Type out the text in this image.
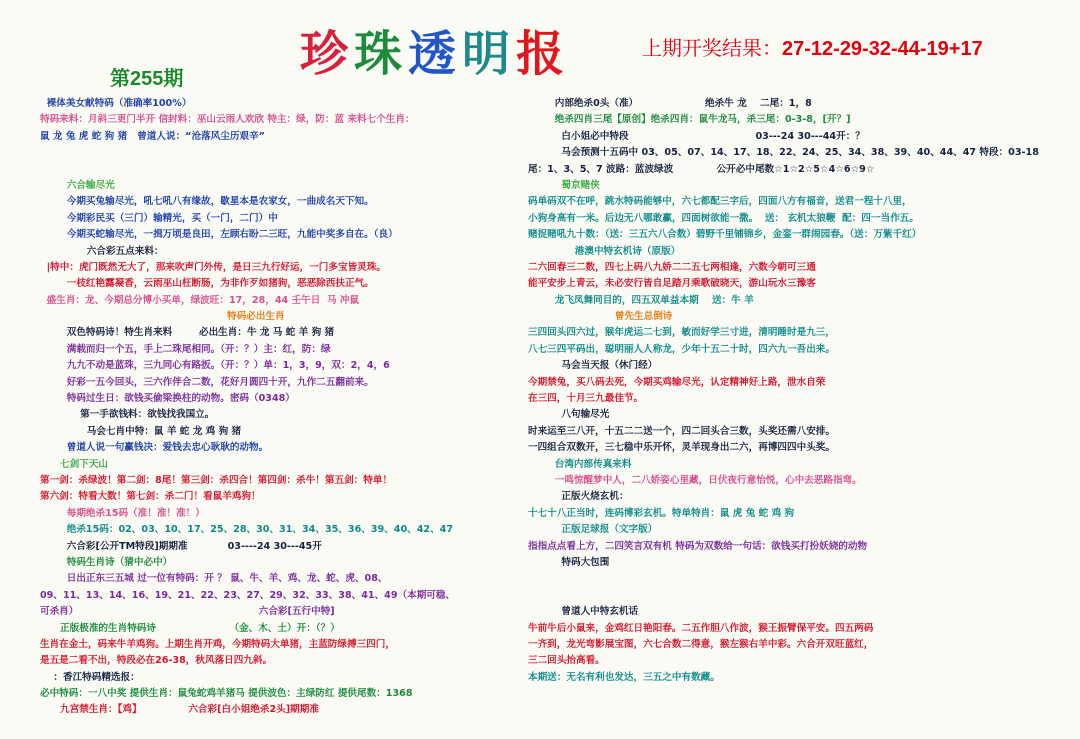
珍 珠 透 明 报	上期开奖结果：27-12-29-32-44-19+17
第255期
裸体美女献特码（准确率100%）
特码来料：月斜三更门半开 信封料：巫山云雨人欢欣 特主：绿，防：蓝 来料七个生肖：
鼠 龙 兔 虎 蛇 狗 猪   曾道人说：“沧落风尘历艰辛”
六合输尽光
今期买兔输尽光，吼七吼八有缘故，歇星本是农家女，一曲成名天下知。
今期彩民买（三门）输精光，买（一门，二门）中
今期买蛇输尽光，一揖万顷是良田，左顾右盼二三旺，九能中奖多自在。（良）
六合彩五点来料：
|特中：虎门既然无大了，那来吹声门外传，是日三九行好运，一门多宝皆灵珠。
一枝红艳露凝香，云雨巫山枉断肠，为非作歹如猪狗，恶恶除西扶正气。
盛生肖：龙、今期总分博小买单，绿波旺：17，28，44 壬午日  马 冲鼠
特码必出生肖
双色特码诗！特生肖来料        必出生肖：牛 龙 马 蛇 羊 狗 猪
满载而归一个五，手上二珠尾相同。（开：？）主：红，防：绿
九九不动是蓝珠，三九同心有路扳。（开：？）单：1，3，9，双：2，4，6
好彩一五今回头，三六作伴合二数，花好月圆四十开，九作二五翻前来。
特码过生日：欲钱买偷梁换柱的动物。密码（0348）
第一手欲钱料：欲钱找我国立。
马会七肖中特：鼠 羊 蛇 龙 鸡 狗 猪
曾道人说一句赢钱决：爱钱去忠心耿耿的动物。
七剑下天山
第一剑：杀绿波！第二剑：8尾！第三剑：杀四合！第四剑：杀牛！第五剑：特单！
第六剑：特看大数！第七剑：杀二门！看鼠羊鸡狗！
每期绝杀15码（准！准！准！）
绝杀15码：02、03、10、17、25、28、30、31、34、35、36、39、40、42、47
六合彩[公开TM特段]期期准            03----24 30---45开
特码生肖诗（猜中必中）
日出正东三五城 过一位有特码：开 ？ 鼠、牛、羊、鸡、龙、蛇、虎、08、
09、11、13、14、16、19、21、22、23、27、29、32、33、38、41、49（本期可稳、
可杀肖）                                                      六合彩[五行中特]
正版极准的生肖特码诗                      （金、木、土）开：（？）
生肖在金土，码来牛羊鸡狗。上期生肖开鸡，今期特码大单猪，主蓝防绿搏三四门，
是五是二看不出，特段必在26-38，秋风落日四九斜。
：香江特码精选报：
必中特码：一八中奖 提供生肖：鼠兔蛇鸡羊猪马 提供波色：主绿防红 提供尾数：1368
九宫禁生肖：【鸡】              六合彩[白小姐绝杀2头]期期准
内部绝杀0头（准）                    绝杀牛 龙    二尾：1，8
绝杀四肖三尾【原创】绝杀四肖：鼠牛龙马，杀三尾：0-3-8，[开？]
白小姐必中特段                                      03---24 30---44开：？
马会预测十五码中 03、05、07、14、17、18、22、24、25、34、38、39、40、44、47 特段：03-18
尾：1、3、5、7 波路：蓝波绿波             公开必中尾数☆1☆2☆5☆4☆6☆9☆
蜀京赌侠
码单码双不在呼，跳水特码能够中，六七都配三字后，四面八方有福音，送君一程十八里，
小狗身高有一米。后边无八哪敢赢，四面树欲能一撒。  送： 玄机太狼鞭  配：四一当作五。
赌捉赌吼九十数：（送：三五六八合数）碧野千里铺锦乡，金銮一群闹园春。（送：万紫千红）
港澳中特玄机诗（原版）
二六回春三二数，四七上码八九娇二二五七两相逢，六数今朝可三通
能平安步上青云，未必安行皆自足踏月乘歌破晓天，游山玩水三豫客
龙飞凤舞同目的，四五双单益本期    送：牛 羊
曾先生总倒诗
三四回头四六过，猴年虎运二七到，敏而好学三寸进，清明睡时是九三，
八七三四平码出，聪明丽人人称龙，少年十五二十时，四六九一吾出来。
马会当天报（休门经）
今期禁兔，买八码去死，今期买鸡输尽光，认定精神好上路，泄水自荣
在三四，十月三九最佳节。
八句输尽光
时来运至三八开，十五二二送一个，四二回头合三数，头奖还需八安排。
一四组合双数开，三七稳中乐开怀，灵羊现身出二六，再博四四中头奖。
台湾内部传真来料
一鸣惊醒梦中人，二八娇姿心里藏，日伏夜行意怡悦，心中去恶路指弯。
正版火烧玄机：
十七十八正当时，连码博彩玄机。特单特肖：鼠 虎 兔 蛇 鸡 狗
正版足球报（文字版）
指指点点看上方，二四笑言双有机 特码为双数给一句话：欲钱买打扮妖娆的动物
特码大包围
曾道人中特玄机话
牛前牛后小鼠来，金鸡红日艳阳春。二五作胆八作波，猴王振臂保平安。四五两码
一齐到，龙光弯影展宝图，六七合数二得意，猴左猴右羊中彩。六合开双旺蓝红，
三二回头抬高看。
本期送：无名有利也发达，三五之中有数藏。
